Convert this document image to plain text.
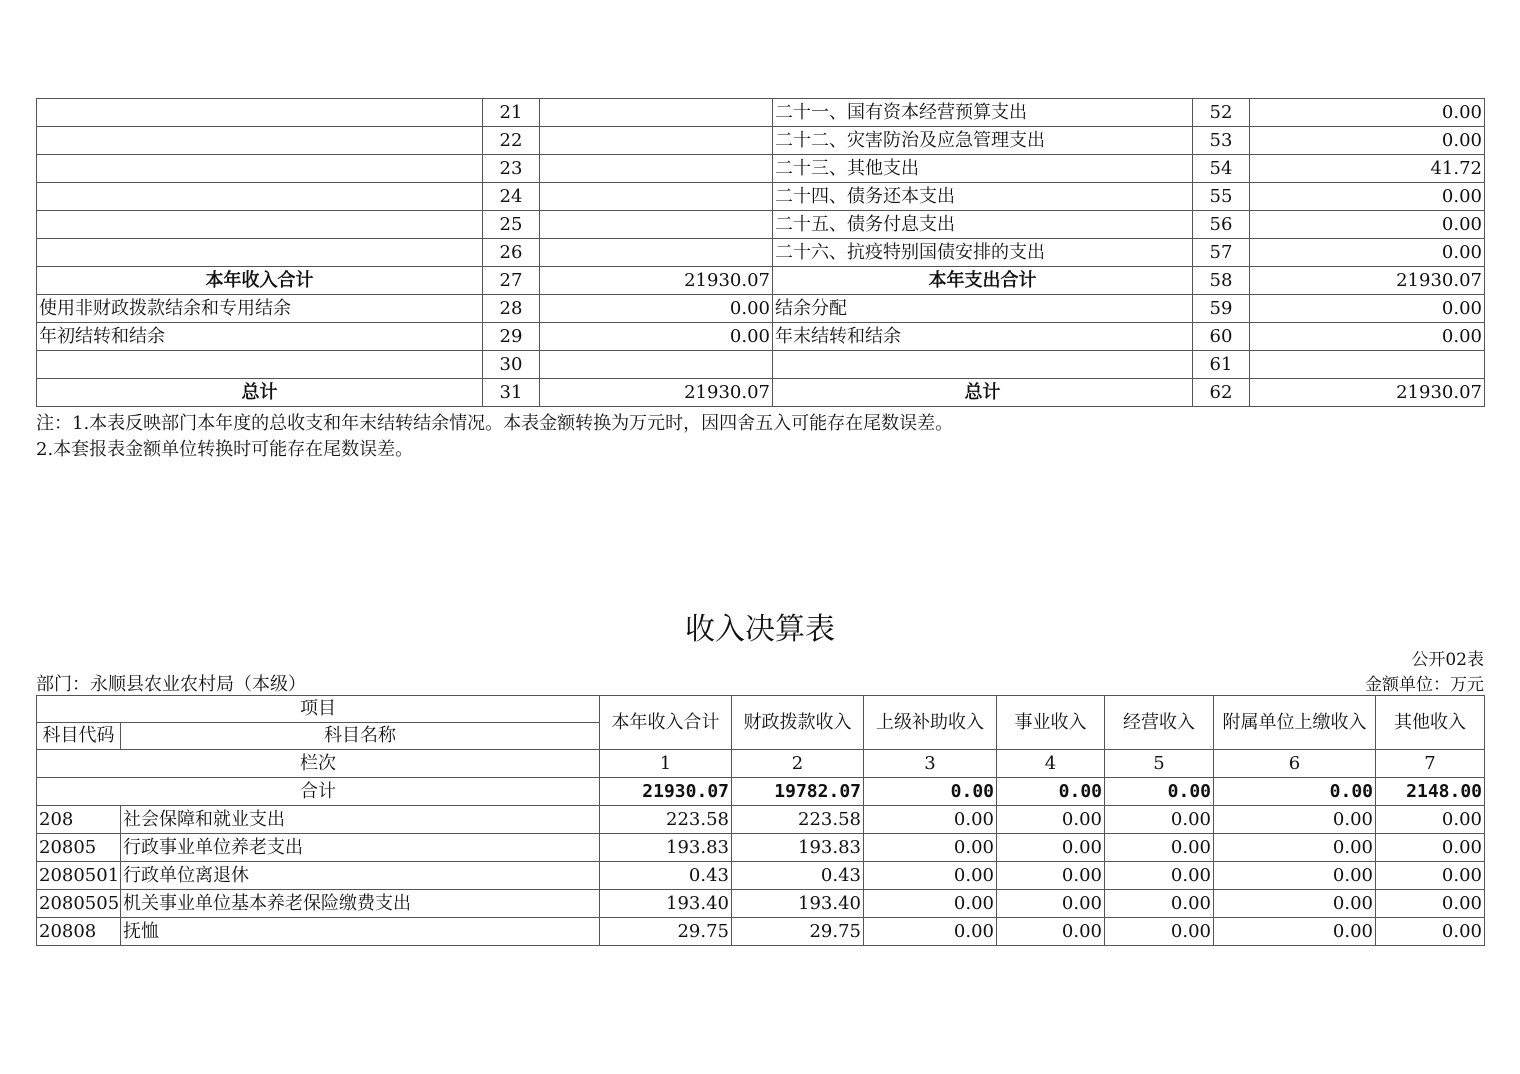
	21		二十一、国有资本经营预算支出	52	0.00
	22		二十二、灾害防治及应急管理支出	53	0.00
	23		二十三、其他支出	54	41.72
	24		二十四、债务还本支出	55	0.00
	25		二十五、债务付息支出	56	0.00
	26		二十六、抗疫特别国债安排的支出	57	0.00
本年收入合计	27	21930.07	本年支出合计	58	21930.07
使用非财政拨款结余和专用结余	28	0.00	结余分配	59	0.00
年初结转和结余	29	0.00	年末结转和结余	60	0.00
	30			61	
总计	31	21930.07	总计	62	21930.07
注：1.本表反映部门本年度的总收支和年末结转结余情况。本表金额转换为万元时，因四舍五入可能存在尾数误差。
2.本套报表金额单位转换时可能存在尾数误差。
收入决算表
公开02表
部门：永顺县农业农村局（本级）	金额单位：万元
项目		本年收入合计	财政拨款收入	上级补助收入	事业收入	经营收入	附属单位上缴收入	其他收入
科目代码	科目名称							
栏次		1	2	3	4	5	6	7
合计		21930.07	19782.07	0.00	0.00	0.00	0.00	2148.00
208	社会保障和就业支出	223.58	223.58	0.00	0.00	0.00	0.00	0.00
20805	行政事业单位养老支出	193.83	193.83	0.00	0.00	0.00	0.00	0.00
2080501	行政单位离退休	0.43	0.43	0.00	0.00	0.00	0.00	0.00
2080505	机关事业单位基本养老保险缴费支出	193.40	193.40	0.00	0.00	0.00	0.00	0.00
20808	抚恤	29.75	29.75	0.00	0.00	0.00	0.00	0.00
